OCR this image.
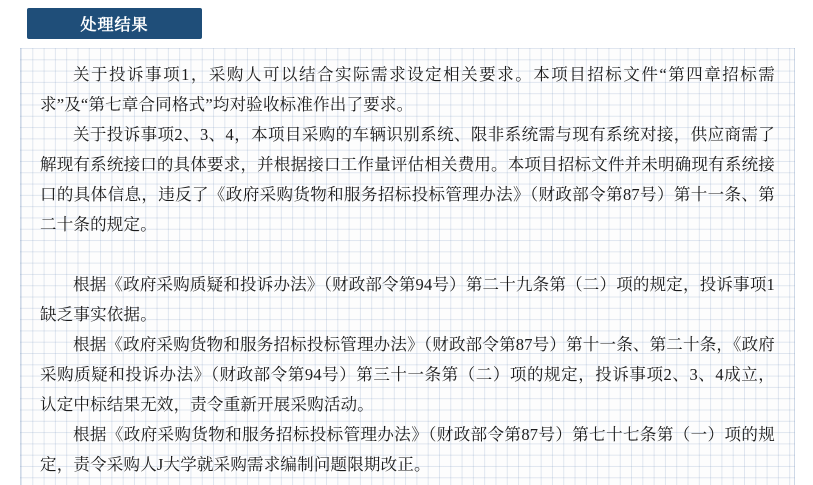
处理结果

关于投诉事项1，采购人可以结合实际需求设定相关要求。本项目招标文件“第四章招标需求”及“第七章合同格式”均对验收标准作出了要求。

关于投诉事项2、3、4，本项目采购的车辆识别系统、限非系统需与现有系统对接，供应商需了解现有系统接口的具体要求，并根据接口工作量评估相关费用。本项目招标文件并未明确现有系统接口的具体信息，违反了《政府采购货物和服务招标投标管理办法》（财政部令第87号）第十一条、第二十条的规定。

根据《政府采购质疑和投诉办法》（财政部令第94号）第二十九条第（二）项的规定，投诉事项1缺乏事实依据。

根据《政府采购货物和服务招标投标管理办法》（财政部令第87号）第十一条、第二十条，《政府采购质疑和投诉办法》（财政部令第94号）第三十一条第（二）项的规定，投诉事项2、3、4成立，认定中标结果无效，责令重新开展采购活动。

根据《政府采购货物和服务招标投标管理办法》（财政部令第87号）第七十七条第（一）项的规定，责令采购人J大学就采购需求编制问题限期改正。
